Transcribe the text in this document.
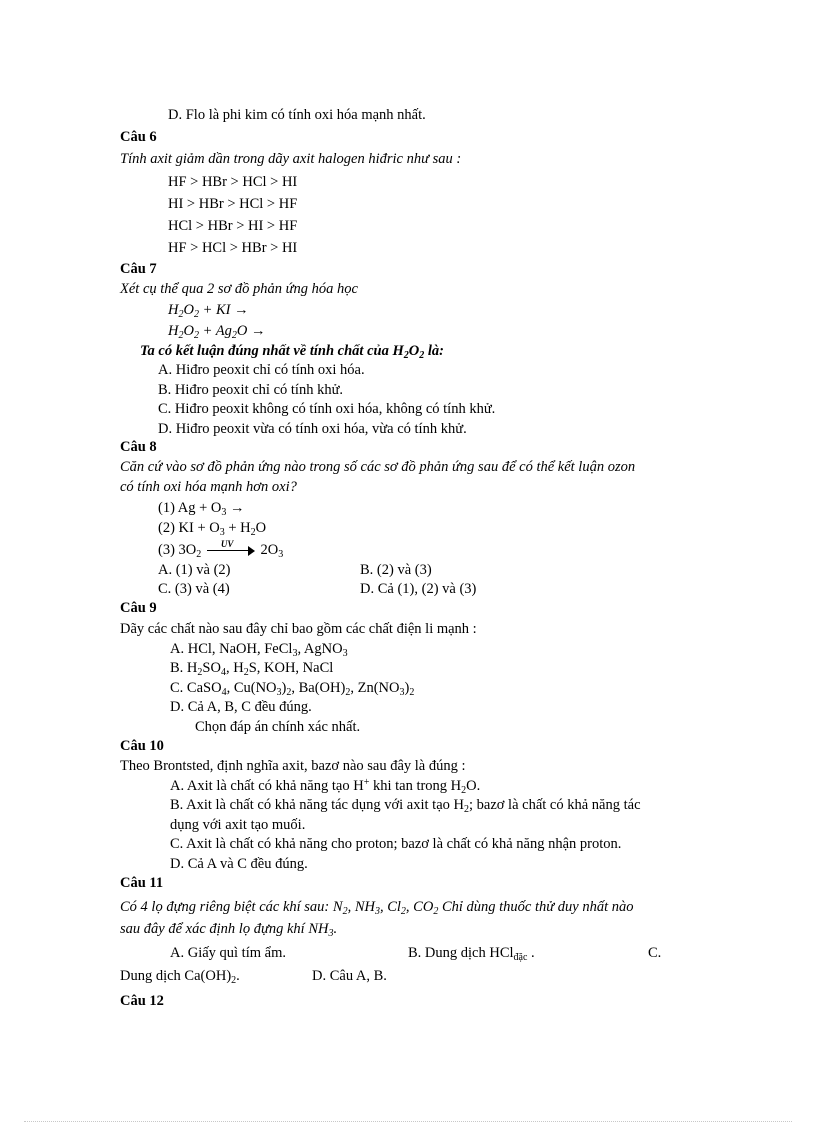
D. Flo là phi kim có tính oxi hóa mạnh nhất.
Câu 6
Tính axit giảm dần trong dãy axit halogen hiđric như sau :
HF > HBr > HCl > HI
HI > HBr > HCl > HF
HCl > HBr > HI > HF
HF > HCl > HBr > HI
Câu 7
Xét cụ thể qua 2 sơ đồ phản ứng hóa học
$H_2O_2$ + KI →
$H_2O_2 + Ag_2O$ →
Ta có kết luận đúng nhất về tính chất của $H_2O_2$ là:
A. Hiđro peoxit chỉ có tính oxi hóa.
B. Hiđro peoxit chỉ có tính khử.
C. Hiđro peoxit không có tính oxi hóa, không có tính khử.
D. Hiđro peoxit vừa có tính oxi hóa, vừa có tính khử.
Câu 8
Căn cứ vào sơ đồ phản ứng nào trong số các sơ đồ phản ứng sau để có thể kết luận ozon
có tính oxi hóa mạnh hơn oxi?
(1) $Ag + O_3$ →
(2) KI + $O_3 + H_2O$
(3) $3O_2$
UV $2O_3$
A. (1) và (2)	B. (2) và (3)
C. (3) và (4)	D. Cả (1), (2) và (3)
Câu 9
Dãy các chất nào sau đây chỉ bao gồm các chất điện li mạnh :
A. HCl, NaOH, FeCl$_3$, AgNO$_3$
B. $H_2SO_4$, $H_2S$, KOH, NaCl
C. CaSO$_4$, $Cu(NO_3)_2$, $Ba(OH)_2$, $Zn(NO_3)_2$
D. Cả A, B, C đều đúng.
Chọn đáp án chính xác nhất.
Câu 10
Theo Brontsted, định nghĩa axit, bazơ nào sau đây là đúng :
A. Axit là chất có khả năng tạo H+ khi tan trong $H_2O$.
B. Axit là chất có khả năng tác dụng với axit tạo $H_2$; bazơ là chất có khả năng tác
dụng với axit tạo muối.
C. Axit là chất có khả năng cho proton; bazơ là chất có khả năng nhận proton.
D. Cả A và C đều đúng.
Câu 11
Có 4 lọ đựng riêng biệt các khí sau: $N_2$, $NH_3$, $Cl_2$, $CO_2$ Chỉ dùng thuốc thử duy nhất nào
sau đây để xác định lọ đựng khí $NH_3$.
A. Giấy quì tím ẩm.	B. Dung dịch HCl$_{đặc}$ .	C.
Dung dịch $Ca(OH)_2$.	D. Câu A, B.
Câu 12
